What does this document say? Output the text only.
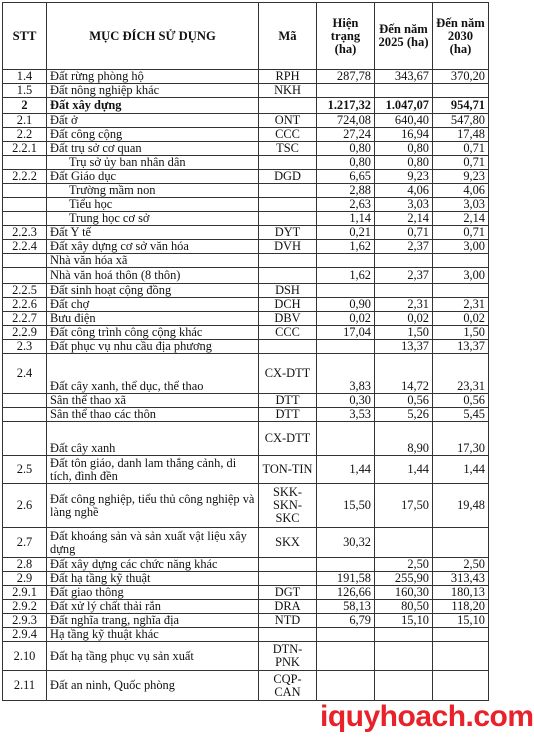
STT	MỤC ĐÍCH SỬ DỤNG	Mã	Hiện trạng (ha)	Đến năm 2025 (ha)	Đến năm 2030 (ha)
1.4	Đất rừng phòng hộ	RPH	287,78	343,67	370,20
1.5	Đất nông nghiệp khác	NKH			
2	Đất xây dựng		1.217,32	1.047,07	954,71
2.1	Đất ở	ONT	724,08	640,40	547,80
2.2	Đất công cộng	CCC	27,24	16,94	17,48
2.2.1	Đất trụ sở cơ quan	TSC	0,80	0,80	0,71
	Trụ sở ủy ban nhân dân		0,80	0,80	0,71
2.2.2	Đất Giáo dục	DGD	6,65	9,23	9,23
	Trường mầm non		2,88	4,06	4,06
	Tiểu học		2,63	3,03	3,03
	Trung học cơ sở		1,14	2,14	2,14
2.2.3	Đất Y tế	DYT	0,21	0,71	0,71
2.2.4	Đất xây dựng cơ sở văn hóa	DVH	1,62	2,37	3,00
	Nhà văn hóa xã				
	Nhà văn hoá thôn (8 thôn)		1,62	2,37	3,00
2.2.5	Đất sinh hoạt cộng đồng	DSH			
2.2.6	Đất chợ	DCH	0,90	2,31	2,31
2.2.7	Bưu điện	DBV	0,02	0,02	0,02
2.2.9	Đất công trình công cộng khác	CCC	17,04	1,50	1,50
2.3	Đất phục vụ nhu cầu địa phương			13,37	13,37
2.4	Đất cây xanh, thể dục, thể thao	CX-DTT	3,83	14,72	23,31
	Sân thể thao xã	DTT	0,30	0,56	0,56
	Sân thể thao các thôn	DTT	3,53	5,26	5,45
	Đất cây xanh	CX-DTT		8,90	17,30
2.5	Đất tôn giáo, danh lam thắng cảnh, di tích, đình đền	TON-TIN	1,44	1,44	1,44
2.6	Đất công nghiệp, tiểu thủ công nghiệp và làng nghề	SKK-SKN-SKC	15,50	17,50	19,48
2.7	Đất khoáng sản và sản xuất vật liệu xây dựng	SKX	30,32		
2.8	Đất xây dựng các chức năng khác			2,50	2,50
2.9	Đất hạ tầng kỹ thuật		191,58	255,90	313,43
2.9.1	Đất giao thông	DGT	126,66	160,30	180,13
2.9.2	Đất xử lý chất thải rắn	DRA	58,13	80,50	118,20
2.9.3	Đất nghĩa trang, nghĩa địa	NTD	6,79	15,10	15,10
2.9.4	Hạ tầng kỹ thuật khác				
2.10	Đất hạ tầng phục vụ sản xuất	DTN-PNK			
2.11	Đất an ninh, Quốc phòng	CQP-CAN			
iquyhoach.com
